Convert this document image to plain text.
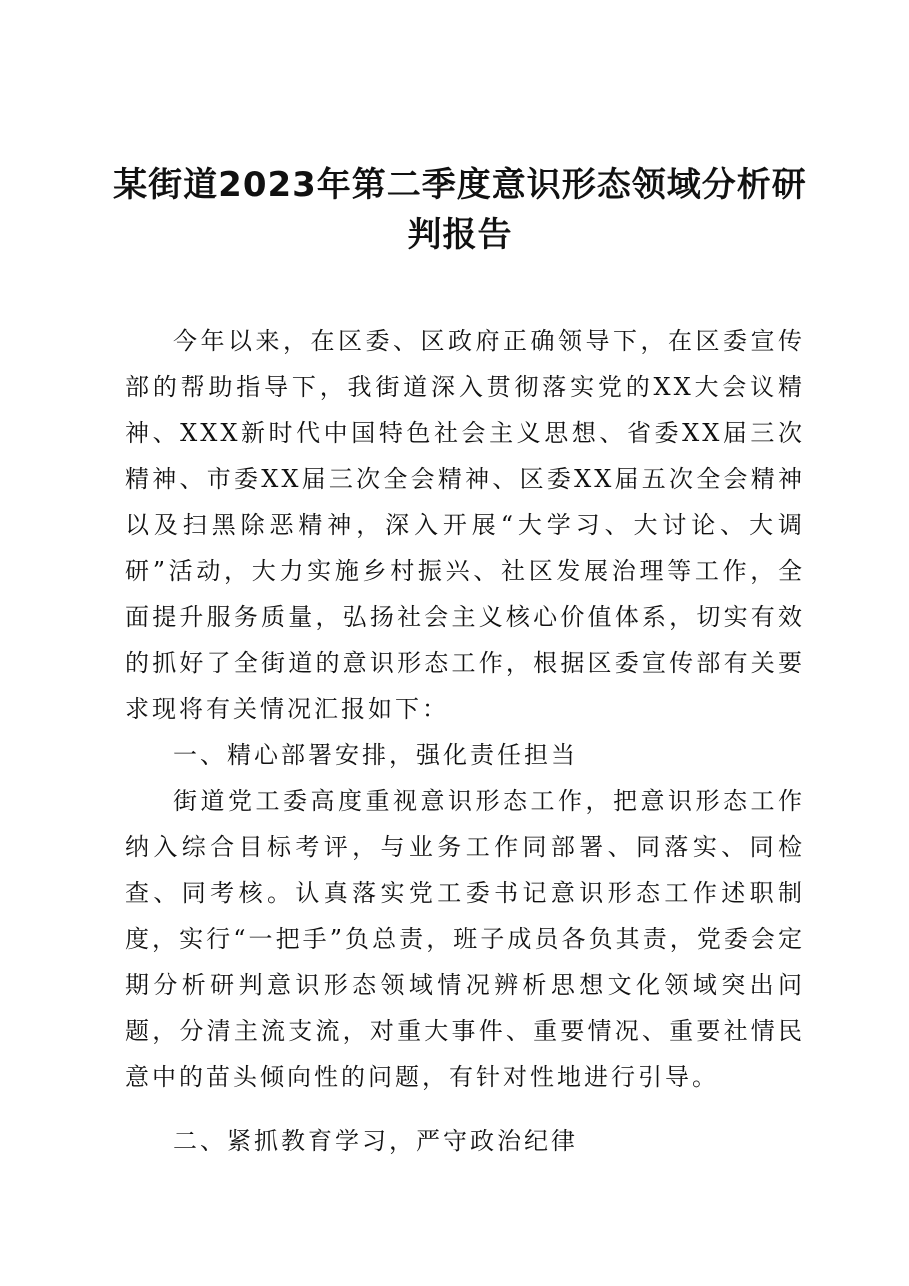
某街道2023年第二季度意识形态领域分析研判报告

今年以来，在区委、区政府正确领导下，在区委宣传部的帮助指导下，我街道深入贯彻落实党的XX大会议精神、XXX新时代中国特色社会主义思想、省委XX届三次精神、市委XX届三次全会精神、区委XX届五次全会精神以及扫黑除恶精神，深入开展“大学习、大讨论、大调研”活动，大力实施乡村振兴、社区发展治理等工作，全面提升服务质量，弘扬社会主义核心价值体系，切实有效的抓好了全街道的意识形态工作，根据区委宣传部有关要求现将有关情况汇报如下：

一、精心部署安排，强化责任担当

街道党工委高度重视意识形态工作，把意识形态工作纳入综合目标考评，与业务工作同部署、同落实、同检查、同考核。认真落实党工委书记意识形态工作述职制度，实行“一把手”负总责，班子成员各负其责，党委会定期分析研判意识形态领域情况辨析思想文化领域突出问题，分清主流支流，对重大事件、重要情况、重要社情民意中的苗头倾向性的问题，有针对性地进行引导。

二、紧抓教育学习，严守政治纪律
